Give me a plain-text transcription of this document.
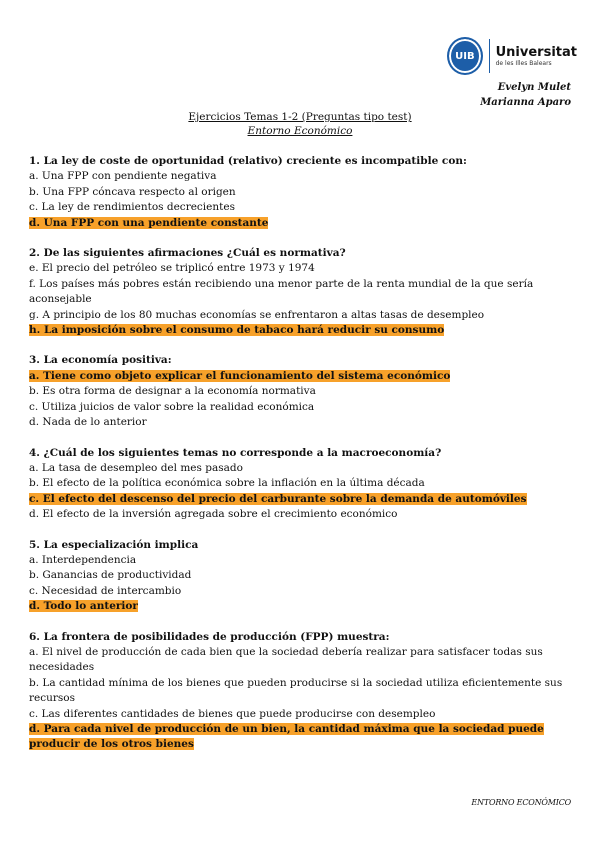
UIB	Universitat
de les Illes Balears
Evelyn Mulet
Marianna Aparo
Ejercicios Temas 1-2 (Preguntas tipo test)
Entorno Económico
1. La ley de coste de oportunidad (relativo) creciente es incompatible con:
a. Una FPP con pendiente negativa
b. Una FPP cóncava respecto al origen
c. La ley de rendimientos decrecientes
d. Una FPP con una pendiente constante
2. De las siguientes afirmaciones ¿Cuál es normativa?
e. El precio del petróleo se triplicó entre 1973 y 1974
f. Los países más pobres están recibiendo una menor parte de la renta mundial de la que sería aconsejable
g. A principio de los 80 muchas economías se enfrentaron a altas tasas de desempleo
h. La imposición sobre el consumo de tabaco hará reducir su consumo
3. La economía positiva:
a. Tiene como objeto explicar el funcionamiento del sistema económico
b. Es otra forma de designar a la economía normativa
c. Utiliza juicios de valor sobre la realidad económica
d. Nada de lo anterior
4. ¿Cuál de los siguientes temas no corresponde a la macroeconomía?
a. La tasa de desempleo del mes pasado
b. El efecto de la política económica sobre la inflación en la última década
c. El efecto del descenso del precio del carburante sobre la demanda de automóviles
d. El efecto de la inversión agregada sobre el crecimiento económico
5. La especialización implica
a. Interdependencia
b. Ganancias de productividad
c. Necesidad de intercambio
d. Todo lo anterior
6. La frontera de posibilidades de producción (FPP) muestra:
a. El nivel de producción de cada bien que la sociedad debería realizar para satisfacer todas sus necesidades
b. La cantidad mínima de los bienes que pueden producirse si la sociedad utiliza eficientemente sus recursos
c. Las diferentes cantidades de bienes que puede producirse con desempleo
d. Para cada nivel de producción de un bien, la cantidad máxima que la sociedad puede producir de los otros bienes
ENTORNO ECONÓMICO
